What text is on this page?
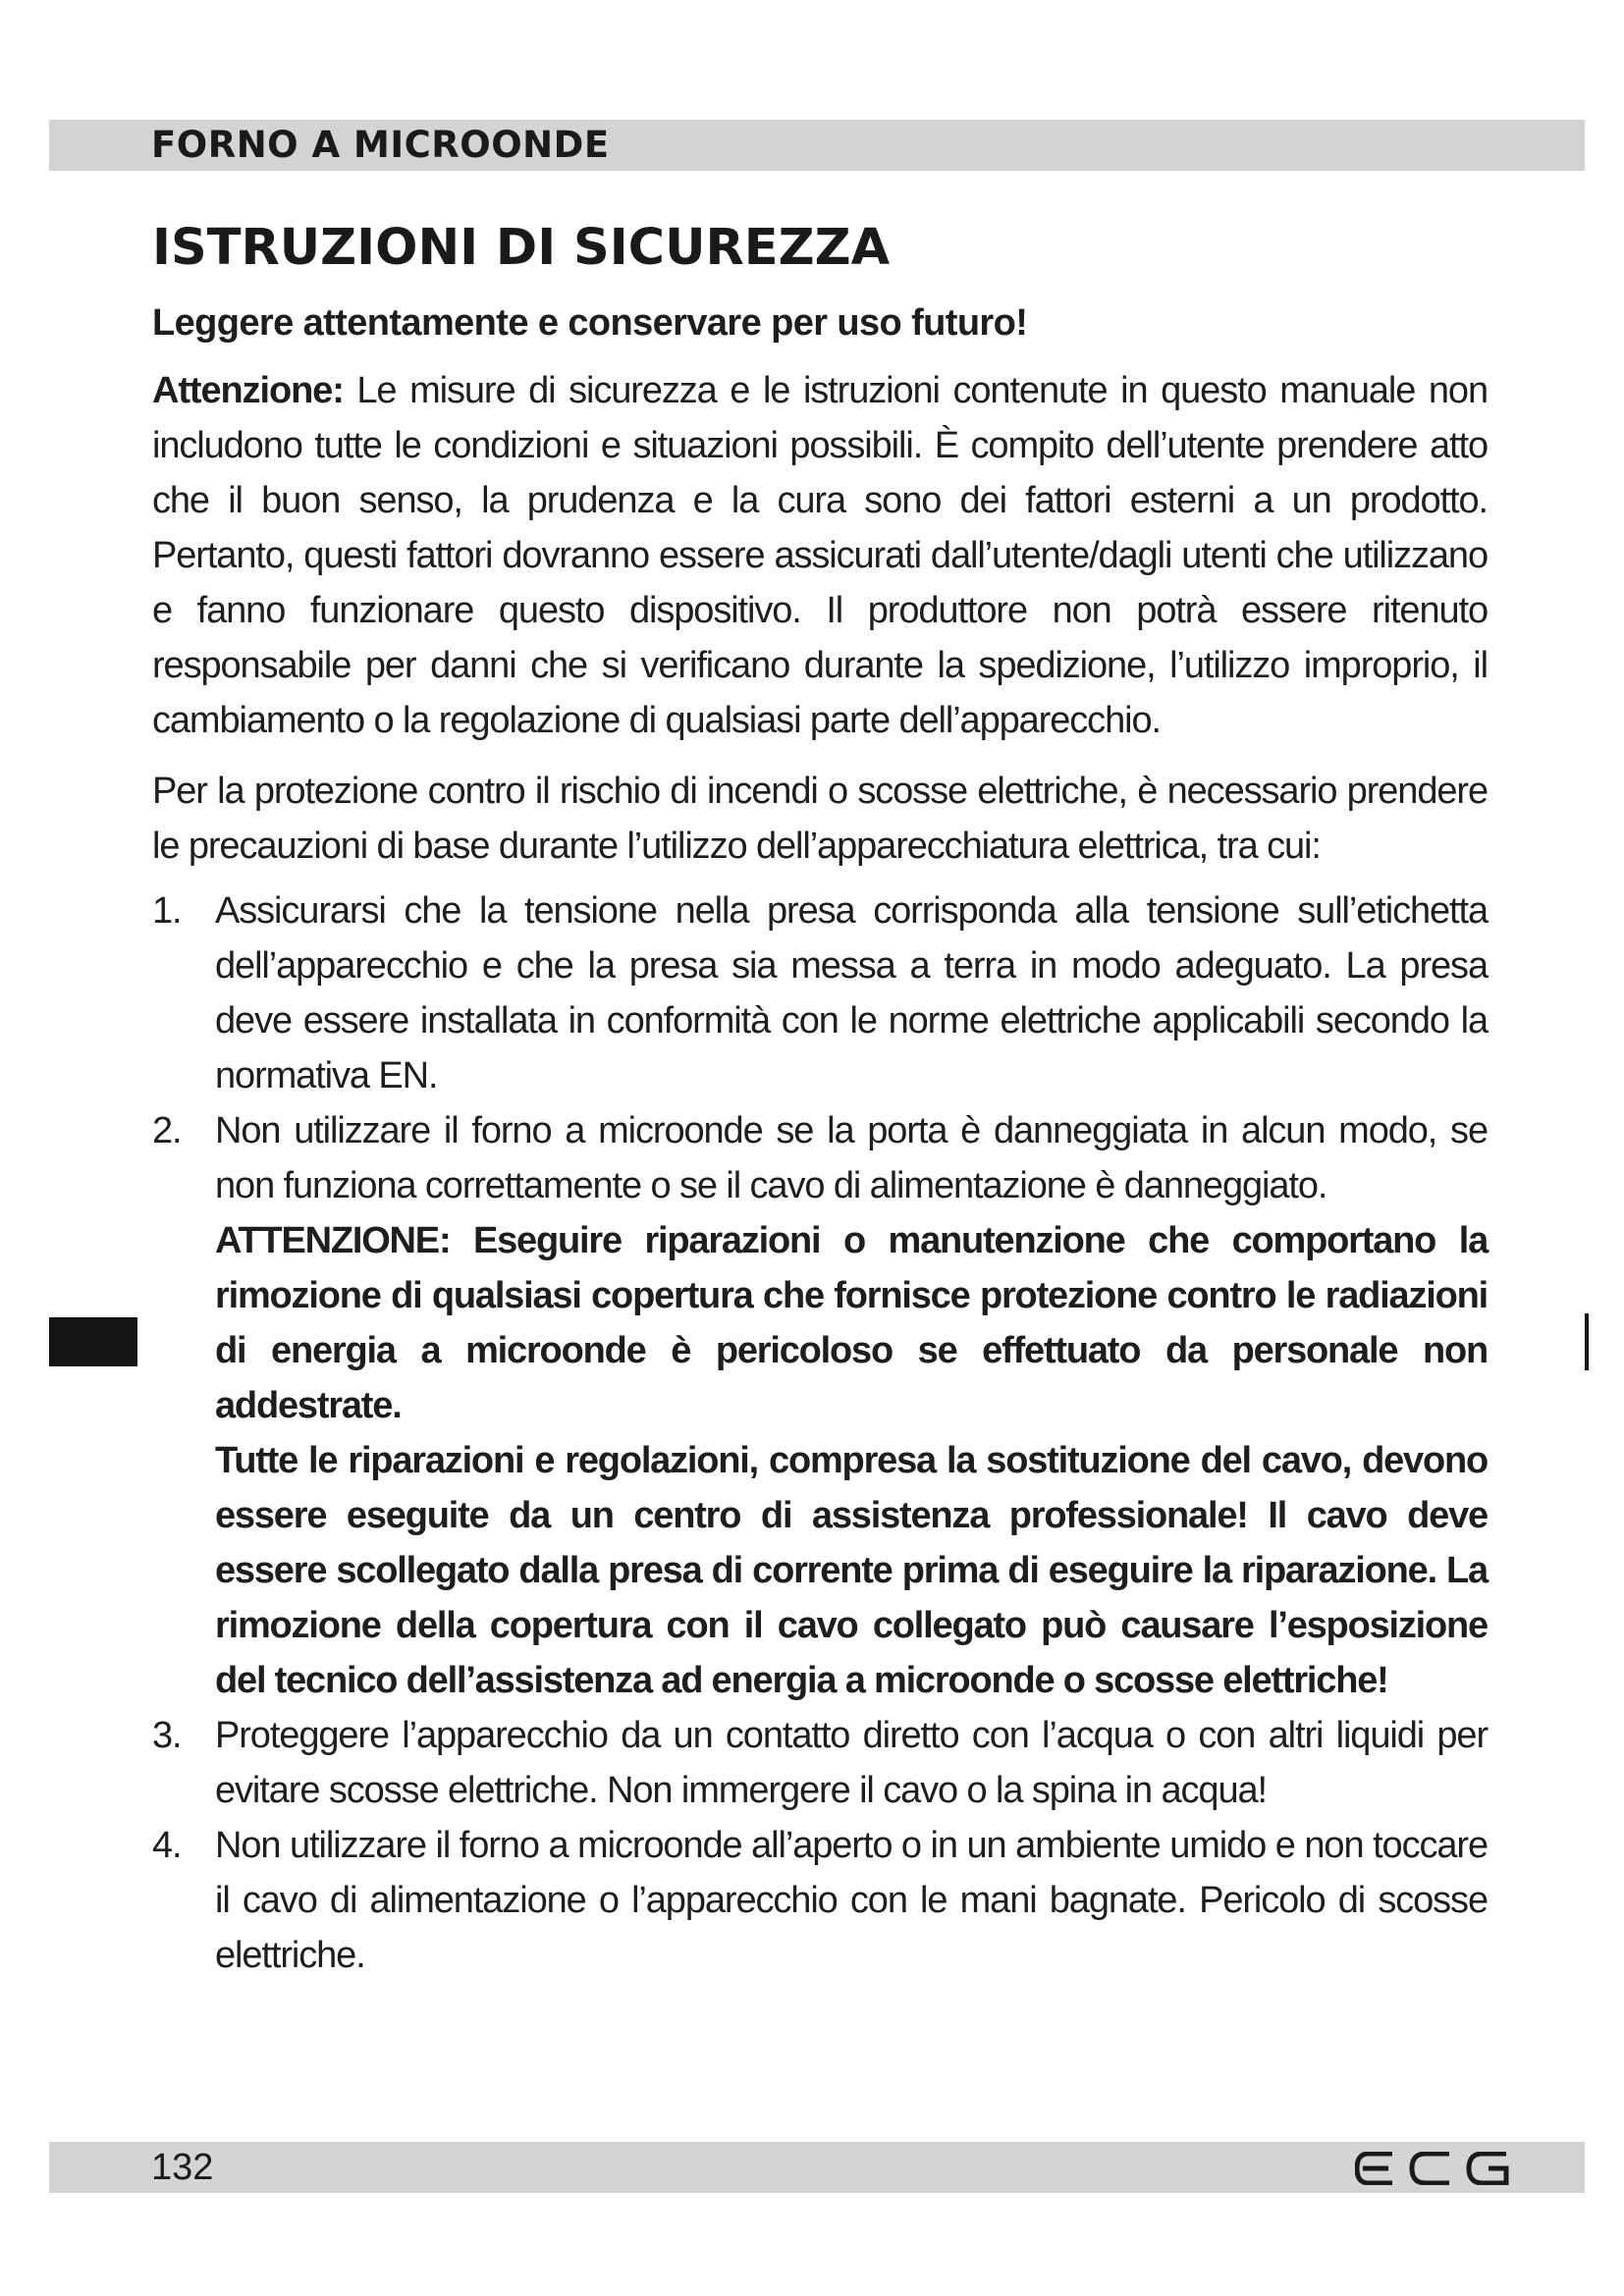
FORNO A MICROONDE
ISTRUZIONI DI SICUREZZA
Leggere attentamente e conservare per uso futuro!

Attenzione: Le misure di sicurezza e le istruzioni contenute in questo manuale non includono tutte le condizioni e situazioni possibili. È compito dell’utente prendere atto che il buon senso, la prudenza e la cura sono dei fattori esterni a un prodotto. Pertanto, questi fattori dovranno essere assicurati dall’utente/dagli utenti che utilizzano e fanno funzionare questo dispositivo. Il produttore non potrà essere ritenuto responsabile per danni che si verificano durante la spedizione, l’utilizzo improprio, il cambiamento o la regolazione di qualsiasi parte dell’apparecchio.

Per la protezione contro il rischio di incendi o scosse elettriche, è necessario prendere le precauzioni di base durante l’utilizzo dell’apparecchiatura elettrica, tra cui:

1. Assicurarsi che la tensione nella presa corrisponda alla tensione sull’etichetta dell’apparecchio e che la presa sia messa a terra in modo adeguato. La presa deve essere installata in conformità con le norme elettriche applicabili secondo la normativa EN.
2. Non utilizzare il forno a microonde se la porta è danneggiata in alcun modo, se non funziona correttamente o se il cavo di alimentazione è danneggiato.
ATTENZIONE: Eseguire riparazioni o manutenzione che comportano la rimozione di qualsiasi copertura che fornisce protezione contro le radiazioni di energia a microonde è pericoloso se effettuato da personale non addestrate.
Tutte le riparazioni e regolazioni, compresa la sostituzione del cavo, devono essere eseguite da un centro di assistenza professionale! Il cavo deve essere scollegato dalla presa di corrente prima di eseguire la riparazione. La rimozione della copertura con il cavo collegato può causare l’esposizione del tecnico dell’assistenza ad energia a microonde o scosse elettriche!
3. Proteggere l’apparecchio da un contatto diretto con l’acqua o con altri liquidi per evitare scosse elettriche. Non immergere il cavo o la spina in acqua!
4. Non utilizzare il forno a microonde all’aperto o in un ambiente umido e non toccare il cavo di alimentazione o l’apparecchio con le mani bagnate. Pericolo di scosse elettriche.
132
